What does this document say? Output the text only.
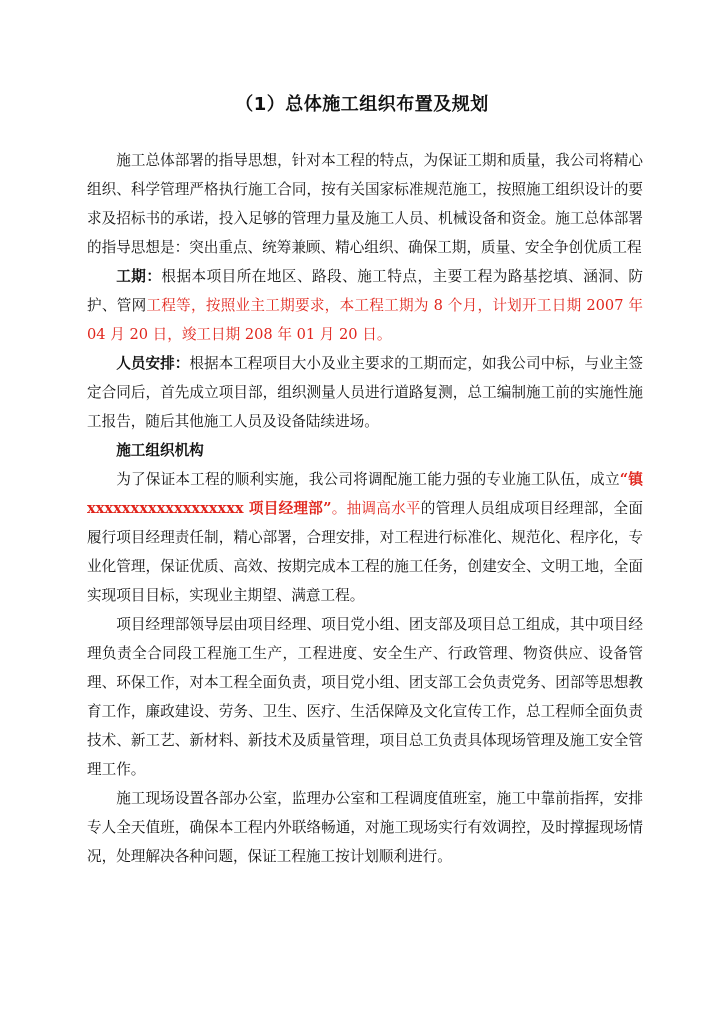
（1）总体施工组织布置及规划

施工总体部署的指导思想，针对本工程的特点，为保证工期和质量，我公司将精心组织、科学管理严格执行施工合同，按有关国家标准规范施工，按照施工组织设计的要求及招标书的承诺，投入足够的管理力量及施工人员、机械设备和资金。施工总体部署的指导思想是：突出重点、统筹兼顾、精心组织、确保工期，质量、安全争创优质工程

工期：根据本项目所在地区、路段、施工特点，主要工程为路基挖填、涵洞、防护、管网工程等，按照业主工期要求，本工程工期为 8 个月，计划开工日期 2007 年 04 月 20 日，竣工日期 208 年 01 月 20 日。

人员安排：根据本工程项目大小及业主要求的工期而定，如我公司中标，与业主签定合同后，首先成立项目部，组织测量人员进行道路复测，总工编制施工前的实施性施工报告，随后其他施工人员及设备陆续进场。

施工组织机构

为了保证本工程的顺利实施，我公司将调配施工能力强的专业施工队伍，成立“镇 xxxxxxxxxxxxxxxxxx 项目经理部”。抽调高水平的管理人员组成项目经理部，全面履行项目经理责任制，精心部署，合理安排，对工程进行标准化、规范化、程序化，专业化管理，保证优质、高效、按期完成本工程的施工任务，创建安全、文明工地，全面实现项目目标，实现业主期望、满意工程。

项目经理部领导层由项目经理、项目党小组、团支部及项目总工组成，其中项目经理负责全合同段工程施工生产，工程进度、安全生产、行政管理、物资供应、设备管理、环保工作，对本工程全面负责，项目党小组、团支部工会负责党务、团部等思想教育工作，廉政建设、劳务、卫生、医疗、生活保障及文化宣传工作，总工程师全面负责技术、新工艺、新材料、新技术及质量管理，项目总工负责具体现场管理及施工安全管理工作。

施工现场设置各部办公室，监理办公室和工程调度值班室，施工中靠前指挥，安排专人全天值班，确保本工程内外联络畅通，对施工现场实行有效调控，及时撑握现场情况，处理解决各种问题，保证工程施工按计划顺利进行。
